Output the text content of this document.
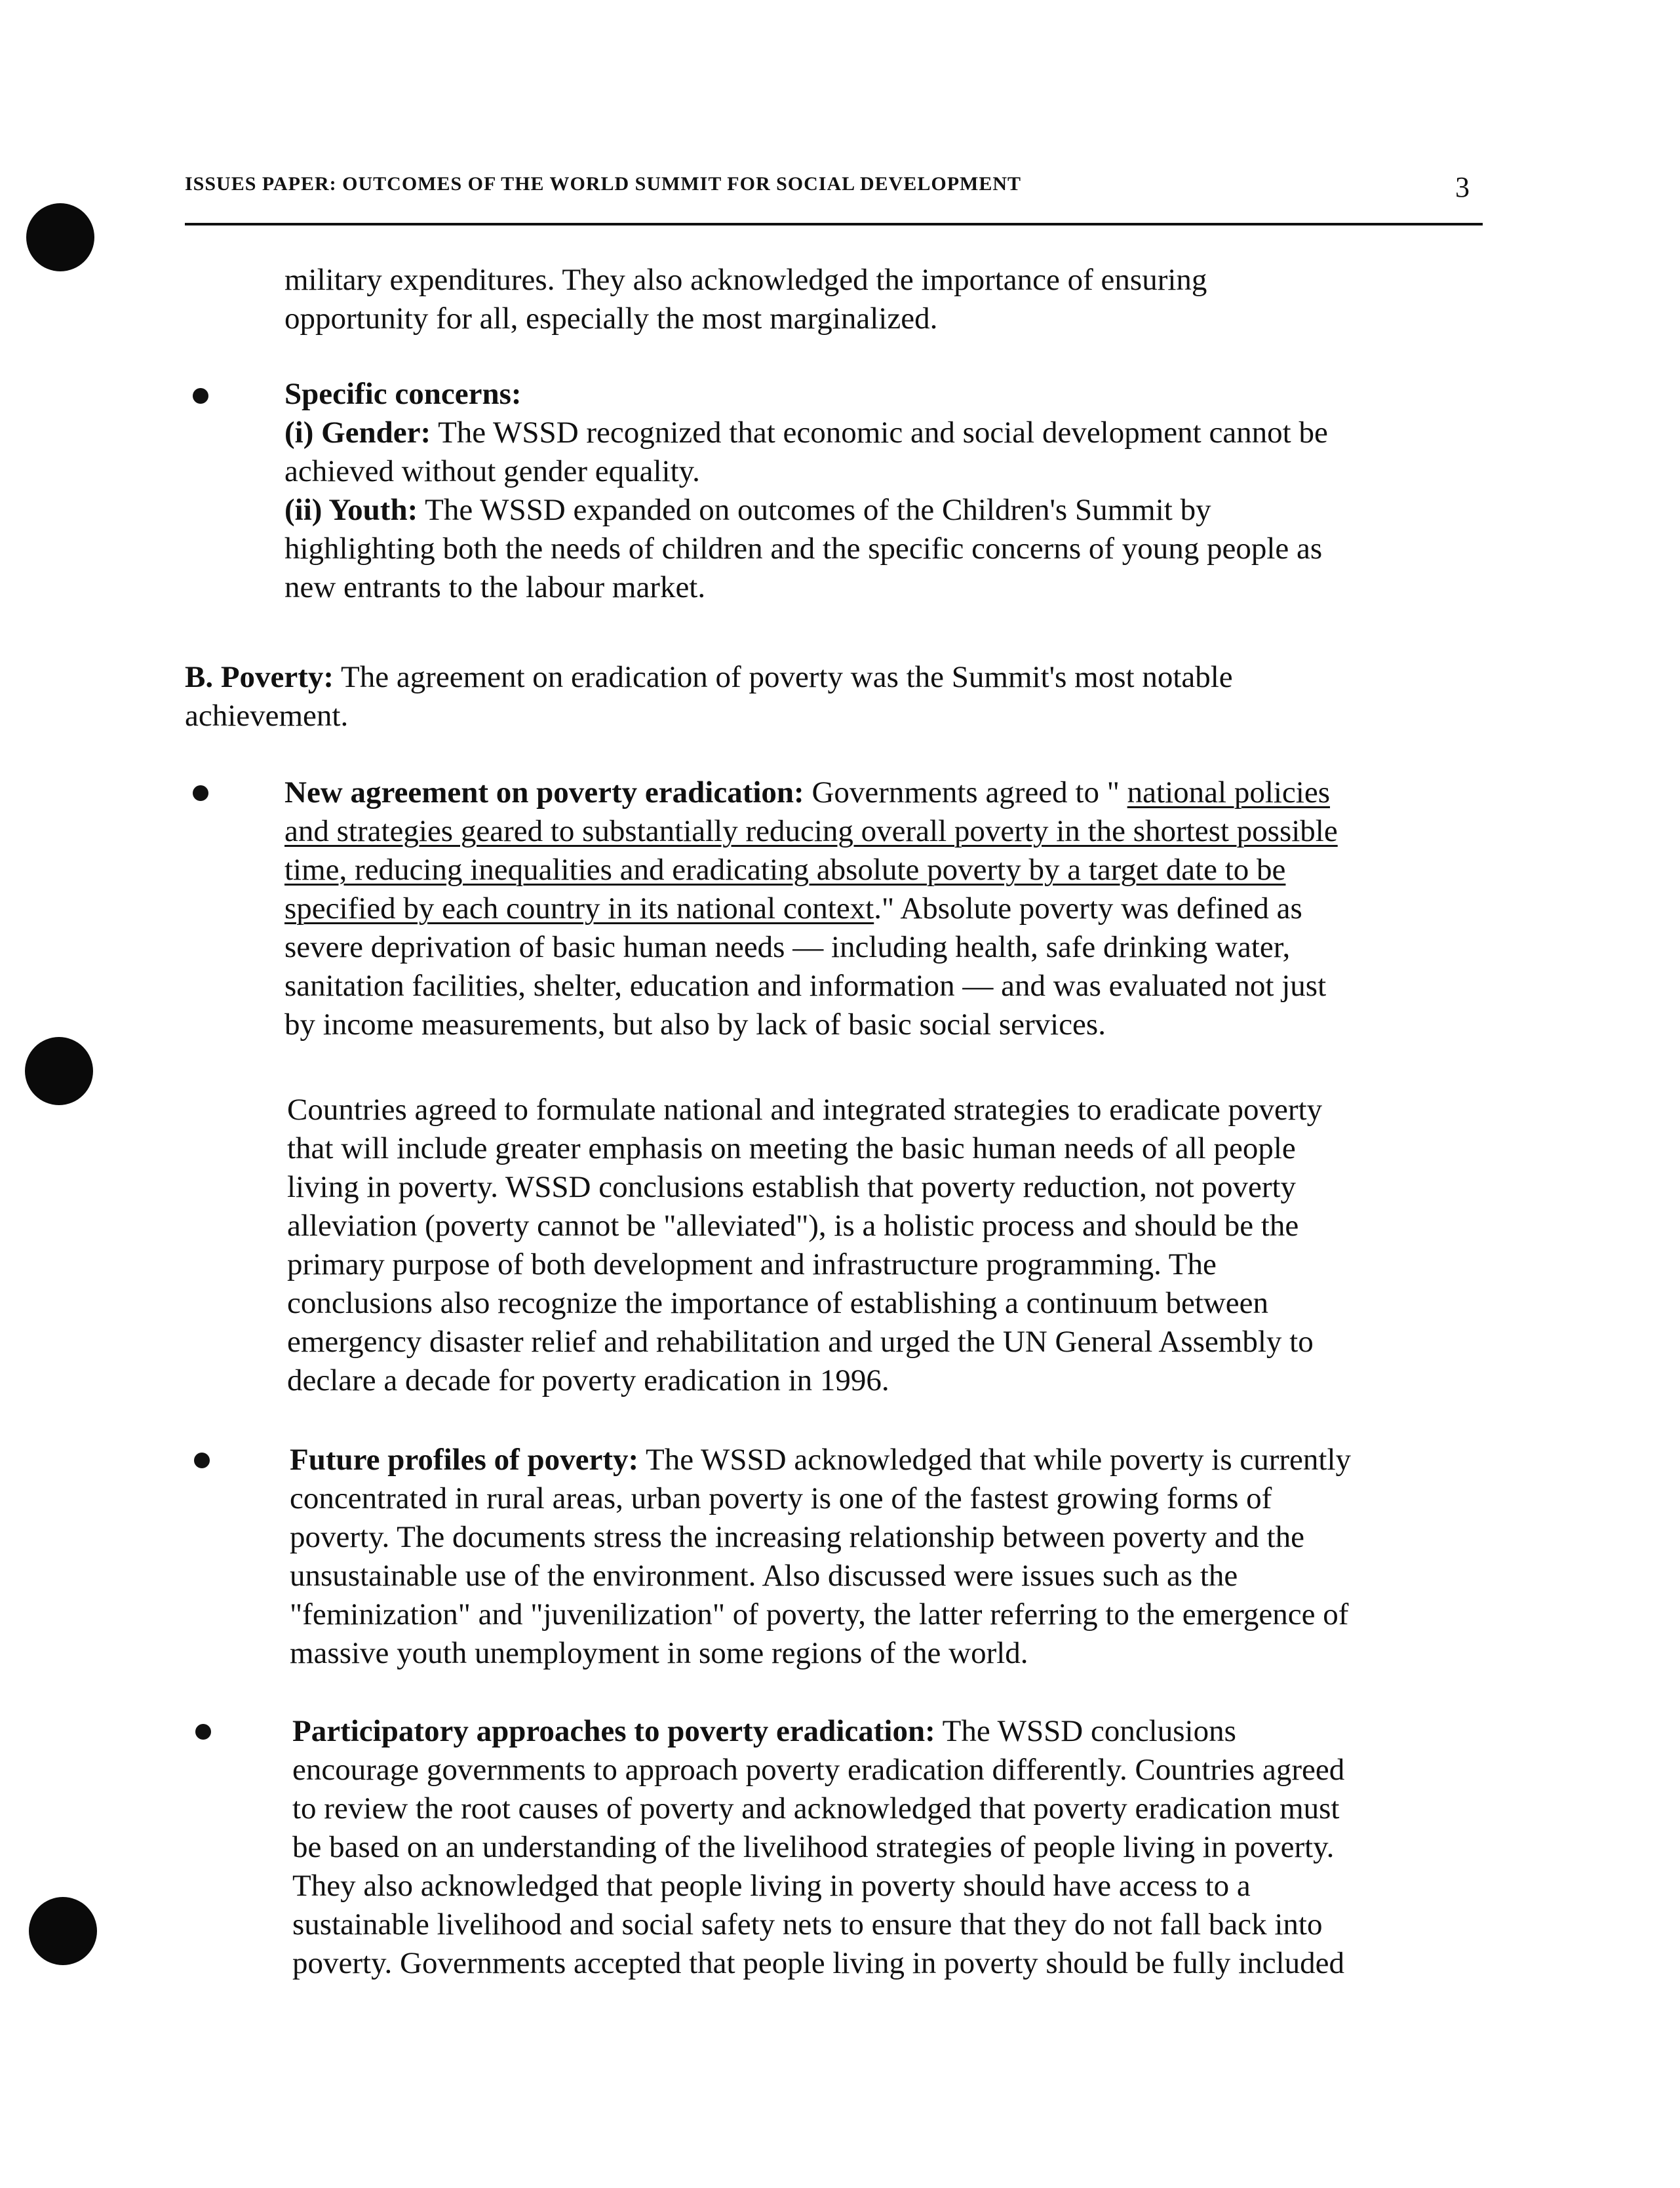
ISSUES PAPER: OUTCOMES OF THE WORLD SUMMIT FOR SOCIAL DEVELOPMENT	3

military expenditures. They also acknowledged the importance of ensuring
opportunity for all, especially the most marginalized.

Specific concerns:
(i) Gender: The WSSD recognized that economic and social development cannot be
achieved without gender equality.
(ii) Youth: The WSSD expanded on outcomes of the Children's Summit by
highlighting both the needs of children and the specific concerns of young people as
new entrants to the labour market.

B. Poverty: The agreement on eradication of poverty was the Summit's most notable
achievement.

New agreement on poverty eradication: Governments agreed to " national policies
and strategies geared to substantially reducing overall poverty in the shortest possible
time, reducing inequalities and eradicating absolute poverty by a target date to be
specified by each country in its national context." Absolute poverty was defined as
severe deprivation of basic human needs — including health, safe drinking water,
sanitation facilities, shelter, education and information — and was evaluated not just
by income measurements, but also by lack of basic social services.

Countries agreed to formulate national and integrated strategies to eradicate poverty
that will include greater emphasis on meeting the basic human needs of all people
living in poverty. WSSD conclusions establish that poverty reduction, not poverty
alleviation (poverty cannot be "alleviated"), is a holistic process and should be the
primary purpose of both development and infrastructure programming. The
conclusions also recognize the importance of establishing a continuum between
emergency disaster relief and rehabilitation and urged the UN General Assembly to
declare a decade for poverty eradication in 1996.

Future profiles of poverty: The WSSD acknowledged that while poverty is currently
concentrated in rural areas, urban poverty is one of the fastest growing forms of
poverty. The documents stress the increasing relationship between poverty and the
unsustainable use of the environment. Also discussed were issues such as the
"feminization" and "juvenilization" of poverty, the latter referring to the emergence of
massive youth unemployment in some regions of the world.

Participatory approaches to poverty eradication: The WSSD conclusions
encourage governments to approach poverty eradication differently. Countries agreed
to review the root causes of poverty and acknowledged that poverty eradication must
be based on an understanding of the livelihood strategies of people living in poverty.
They also acknowledged that people living in poverty should have access to a
sustainable livelihood and social safety nets to ensure that they do not fall back into
poverty. Governments accepted that people living in poverty should be fully included
